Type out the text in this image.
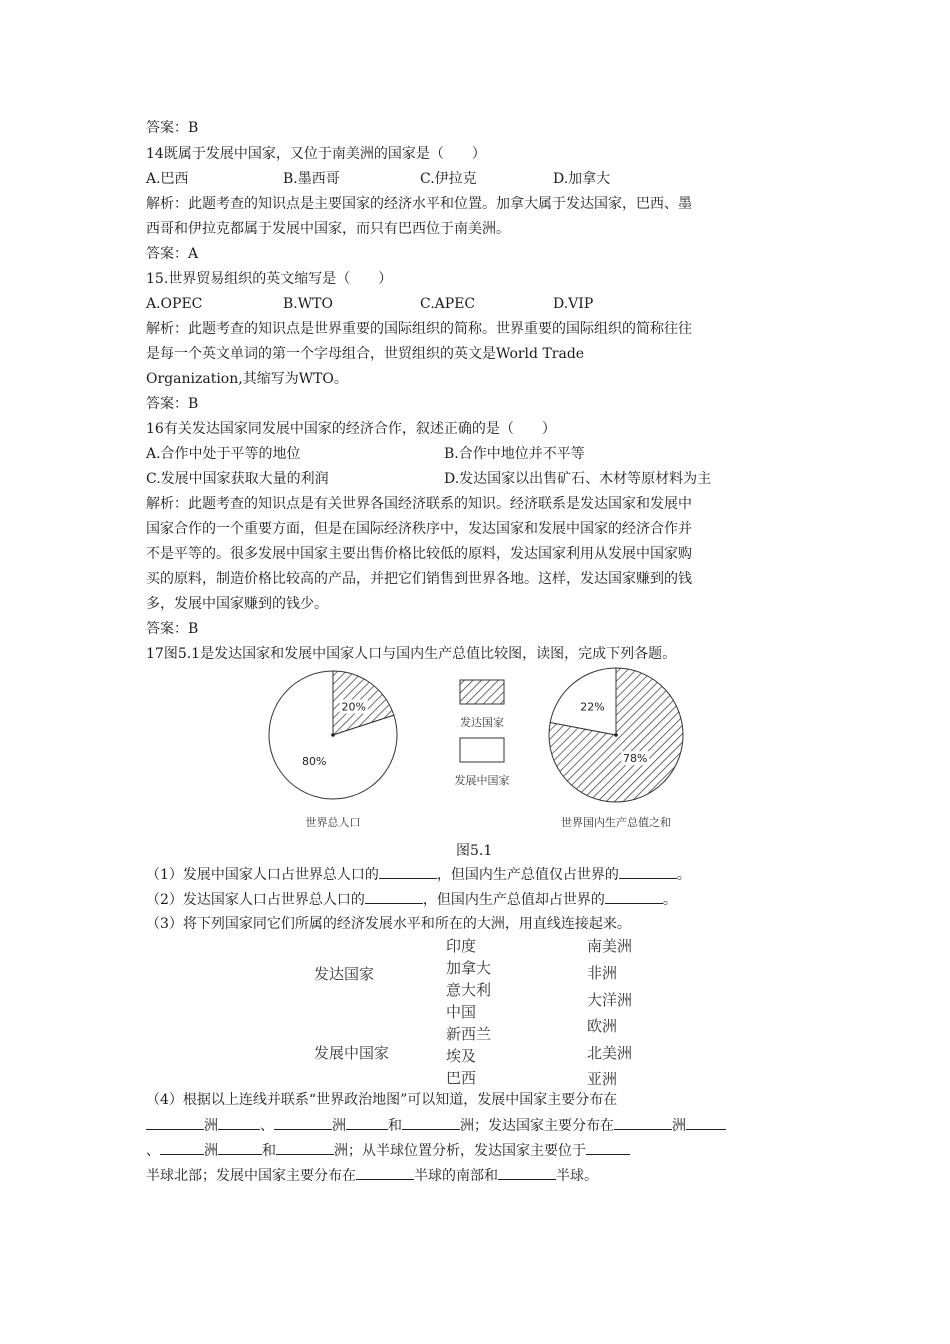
答案：B
14既属于发展中国家，又位于南美洲的国家是（　　）
A.巴西	B.墨西哥	C.伊拉克	D.加拿大
解析：此题考查的知识点是主要国家的经济水平和位置。加拿大属于发达国家，巴西、墨
西哥和伊拉克都属于发展中国家，而只有巴西位于南美洲。
答案：A
15.世界贸易组织的英文缩写是（　　）
A.OPEC	B.WTO	C.APEC	D.VIP
解析：此题考查的知识点是世界重要的国际组织的简称。世界重要的国际组织的简称往往
是每一个英文单词的第一个字母组合，世贸组织的英文是World Trade
Organization,其缩写为WTO。
答案：B
16有关发达国家同发展中国家的经济合作，叙述正确的是（　　）
A.合作中处于平等的地位	B.合作中地位并不平等
C.发展中国家获取大量的利润	D.发达国家以出售矿石、木材等原材料为主
解析：此题考查的知识点是有关世界各国经济联系的知识。经济联系是发达国家和发展中
国家合作的一个重要方面，但是在国际经济秩序中，发达国家和发展中国家的经济合作并
不是平等的。很多发展中国家主要出售价格比较低的原料，发达国家利用从发展中国家购
买的原料，制造价格比较高的产品，并把它们销售到世界各地。这样，发达国家赚到的钱
多，发展中国家赚到的钱少。
答案：B
17图5.1是发达国家和发展中国家人口与国内生产总值比较图，读图，完成下列各题。
20%
80%	78%
22%
发达国家
发展中国家
世界总人口	世界国内生产总值之和
图5.1
（1）发展中国家人口占世界总人口的	，但国内生产总值仅占世界的	。
（2）发达国家人口占世界总人口的	，但国内生产总值却占世界的	。
（3）将下列国家同它们所属的经济发展水平和所在的大洲，用直线连接起来。
发达国家
发展中国家
印度
加拿大
意大利
中国
新西兰
埃及
巴西
南美洲
非洲
大洋洲
欧洲
北美洲
亚洲
（4）根据以上连线并联系“世界政治地图”可以知道，发展中国家主要分布在
洲	、	洲	和	洲；发达国家主要分布在	洲
、	洲	和	洲；从半球位置分析，发达国家主要位于
半球北部；发展中国家主要分布在	半球的南部和	半球。
